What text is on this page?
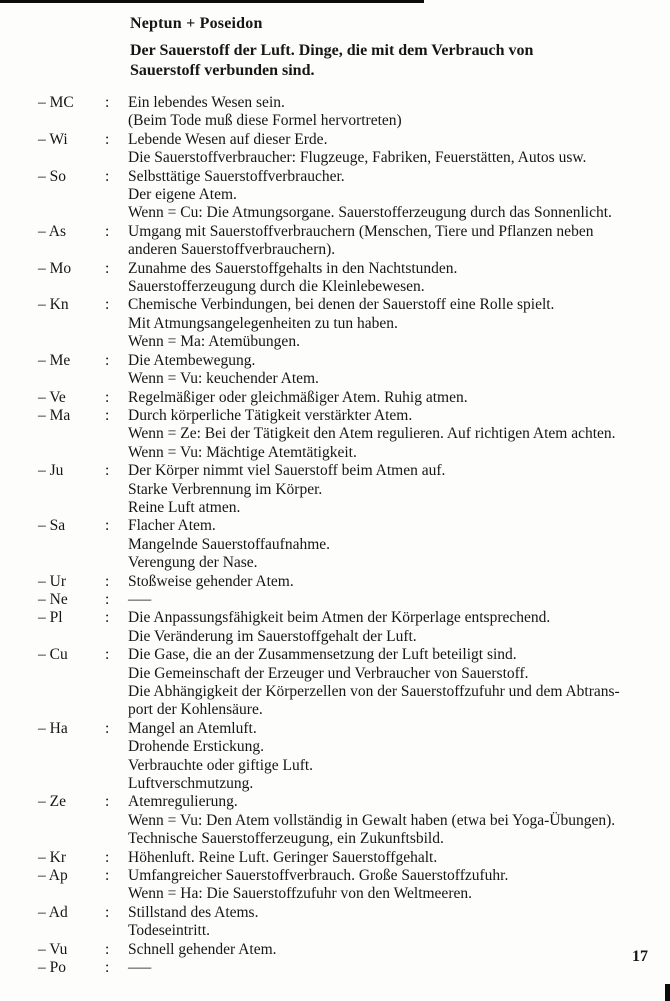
Neptun + Poseidon
Der Sauerstoff der Luft. Dinge, die mit dem Verbrauch von
Sauerstoff verbunden sind.
– MC	:	Ein lebendes Wesen sein.
(Beim Tode muß diese Formel hervortreten)
– Wi	:	Lebende Wesen auf dieser Erde.
Die Sauerstoffverbraucher: Flugzeuge, Fabriken, Feuerstätten, Autos usw.
– So	:	Selbsttätige Sauerstoffverbraucher.
Der eigene Atem.
Wenn = Cu: Die Atmungsorgane. Sauerstofferzeugung durch das Sonnenlicht.
– As	:	Umgang mit Sauerstoffverbrauchern (Menschen, Tiere und Pflanzen neben
anderen Sauerstoffverbrauchern).
– Mo	:	Zunahme des Sauerstoffgehalts in den Nachtstunden.
Sauerstofferzeugung durch die Kleinlebewesen.
– Kn	:	Chemische Verbindungen, bei denen der Sauerstoff eine Rolle spielt.
Mit Atmungsangelegenheiten zu tun haben.
Wenn = Ma: Atemübungen.
– Me	:	Die Atembewegung.
Wenn = Vu: keuchender Atem.
– Ve	:	Regelmäßiger oder gleichmäßiger Atem. Ruhig atmen.
– Ma	:	Durch körperliche Tätigkeit verstärkter Atem.
Wenn = Ze: Bei der Tätigkeit den Atem regulieren. Auf richtigen Atem achten.
Wenn = Vu: Mächtige Atemtätigkeit.
– Ju	:	Der Körper nimmt viel Sauerstoff beim Atmen auf.
Starke Verbrennung im Körper.
Reine Luft atmen.
– Sa	:	Flacher Atem.
Mangelnde Sauerstoffaufnahme.
Verengung der Nase.
– Ur	:	Stoßweise gehender Atem.
– Ne	:	–––
– Pl	:	Die Anpassungsfähigkeit beim Atmen der Körperlage entsprechend.
Die Veränderung im Sauerstoffgehalt der Luft.
– Cu	:	Die Gase, die an der Zusammensetzung der Luft beteiligt sind.
Die Gemeinschaft der Erzeuger und Verbraucher von Sauerstoff.
Die Abhängigkeit der Körperzellen von der Sauerstoffzufuhr und dem Abtrans-
port der Kohlensäure.
– Ha	:	Mangel an Atemluft.
Drohende Erstickung.
Verbrauchte oder giftige Luft.
Luftverschmutzung.
– Ze	:	Atemregulierung.
Wenn = Vu: Den Atem vollständig in Gewalt haben (etwa bei Yoga-Übungen).
Technische Sauerstofferzeugung, ein Zukunftsbild.
– Kr	:	Höhenluft. Reine Luft. Geringer Sauerstoffgehalt.
– Ap	:	Umfangreicher Sauerstoffverbrauch. Große Sauerstoffzufuhr.
Wenn = Ha: Die Sauerstoffzufuhr von den Weltmeeren.
– Ad	:	Stillstand des Atems.
Todeseintritt.
– Vu	:	Schnell gehender Atem.
– Po	:	–––
17
